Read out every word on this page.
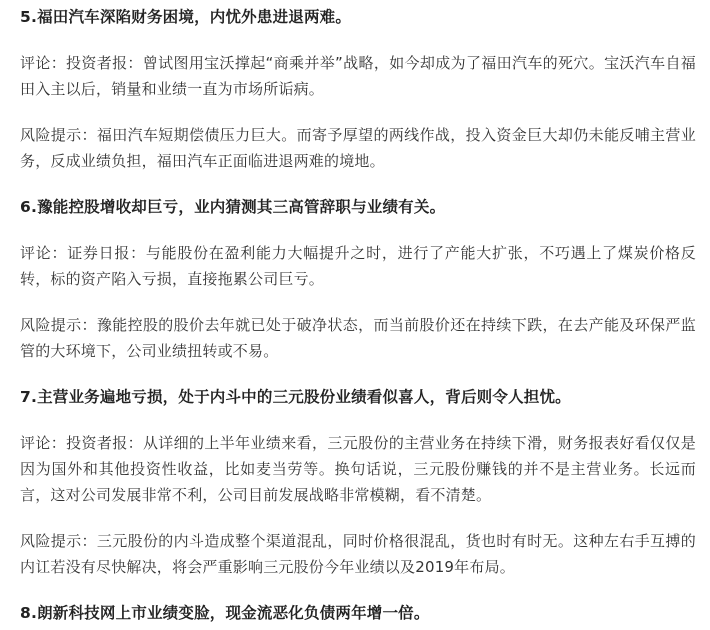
5.福田汽车深陷财务困境，内忧外患进退两难。

评论：投资者报：曾试图用宝沃撑起“商乘并举”战略，如今却成为了福田汽车的死穴。宝沃汽车自福田入主以后，销量和业绩一直为市场所诟病。

风险提示：福田汽车短期偿债压力巨大。而寄予厚望的两线作战，投入资金巨大却仍未能反哺主营业务，反成业绩负担，福田汽车正面临进退两难的境地。

6.豫能控股增收却巨亏，业内猜测其三高管辞职与业绩有关。

评论：证券日报：与能股份在盈利能力大幅提升之时，进行了产能大扩张，不巧遇上了煤炭价格反转，标的资产陷入亏损，直接拖累公司巨亏。

风险提示：豫能控股的股价去年就已处于破净状态，而当前股价还在持续下跌，在去产能及环保严监管的大环境下，公司业绩扭转或不易。

7.主营业务遍地亏损，处于内斗中的三元股份业绩看似喜人，背后则令人担忧。

评论：投资者报：从详细的上半年业绩来看，三元股份的主营业务在持续下滑，财务报表好看仅仅是因为国外和其他投资性收益，比如麦当劳等。换句话说，三元股份赚钱的并不是主营业务。长远而言，这对公司发展非常不利，公司目前发展战略非常模糊，看不清楚。

风险提示：三元股份的内斗造成整个渠道混乱，同时价格很混乱，货也时有时无。这种左右手互搏的内讧若没有尽快解决，将会严重影响三元股份今年业绩以及2019年布局。

8.朗新科技网上市业绩变脸，现金流恶化负债两年增一倍。
